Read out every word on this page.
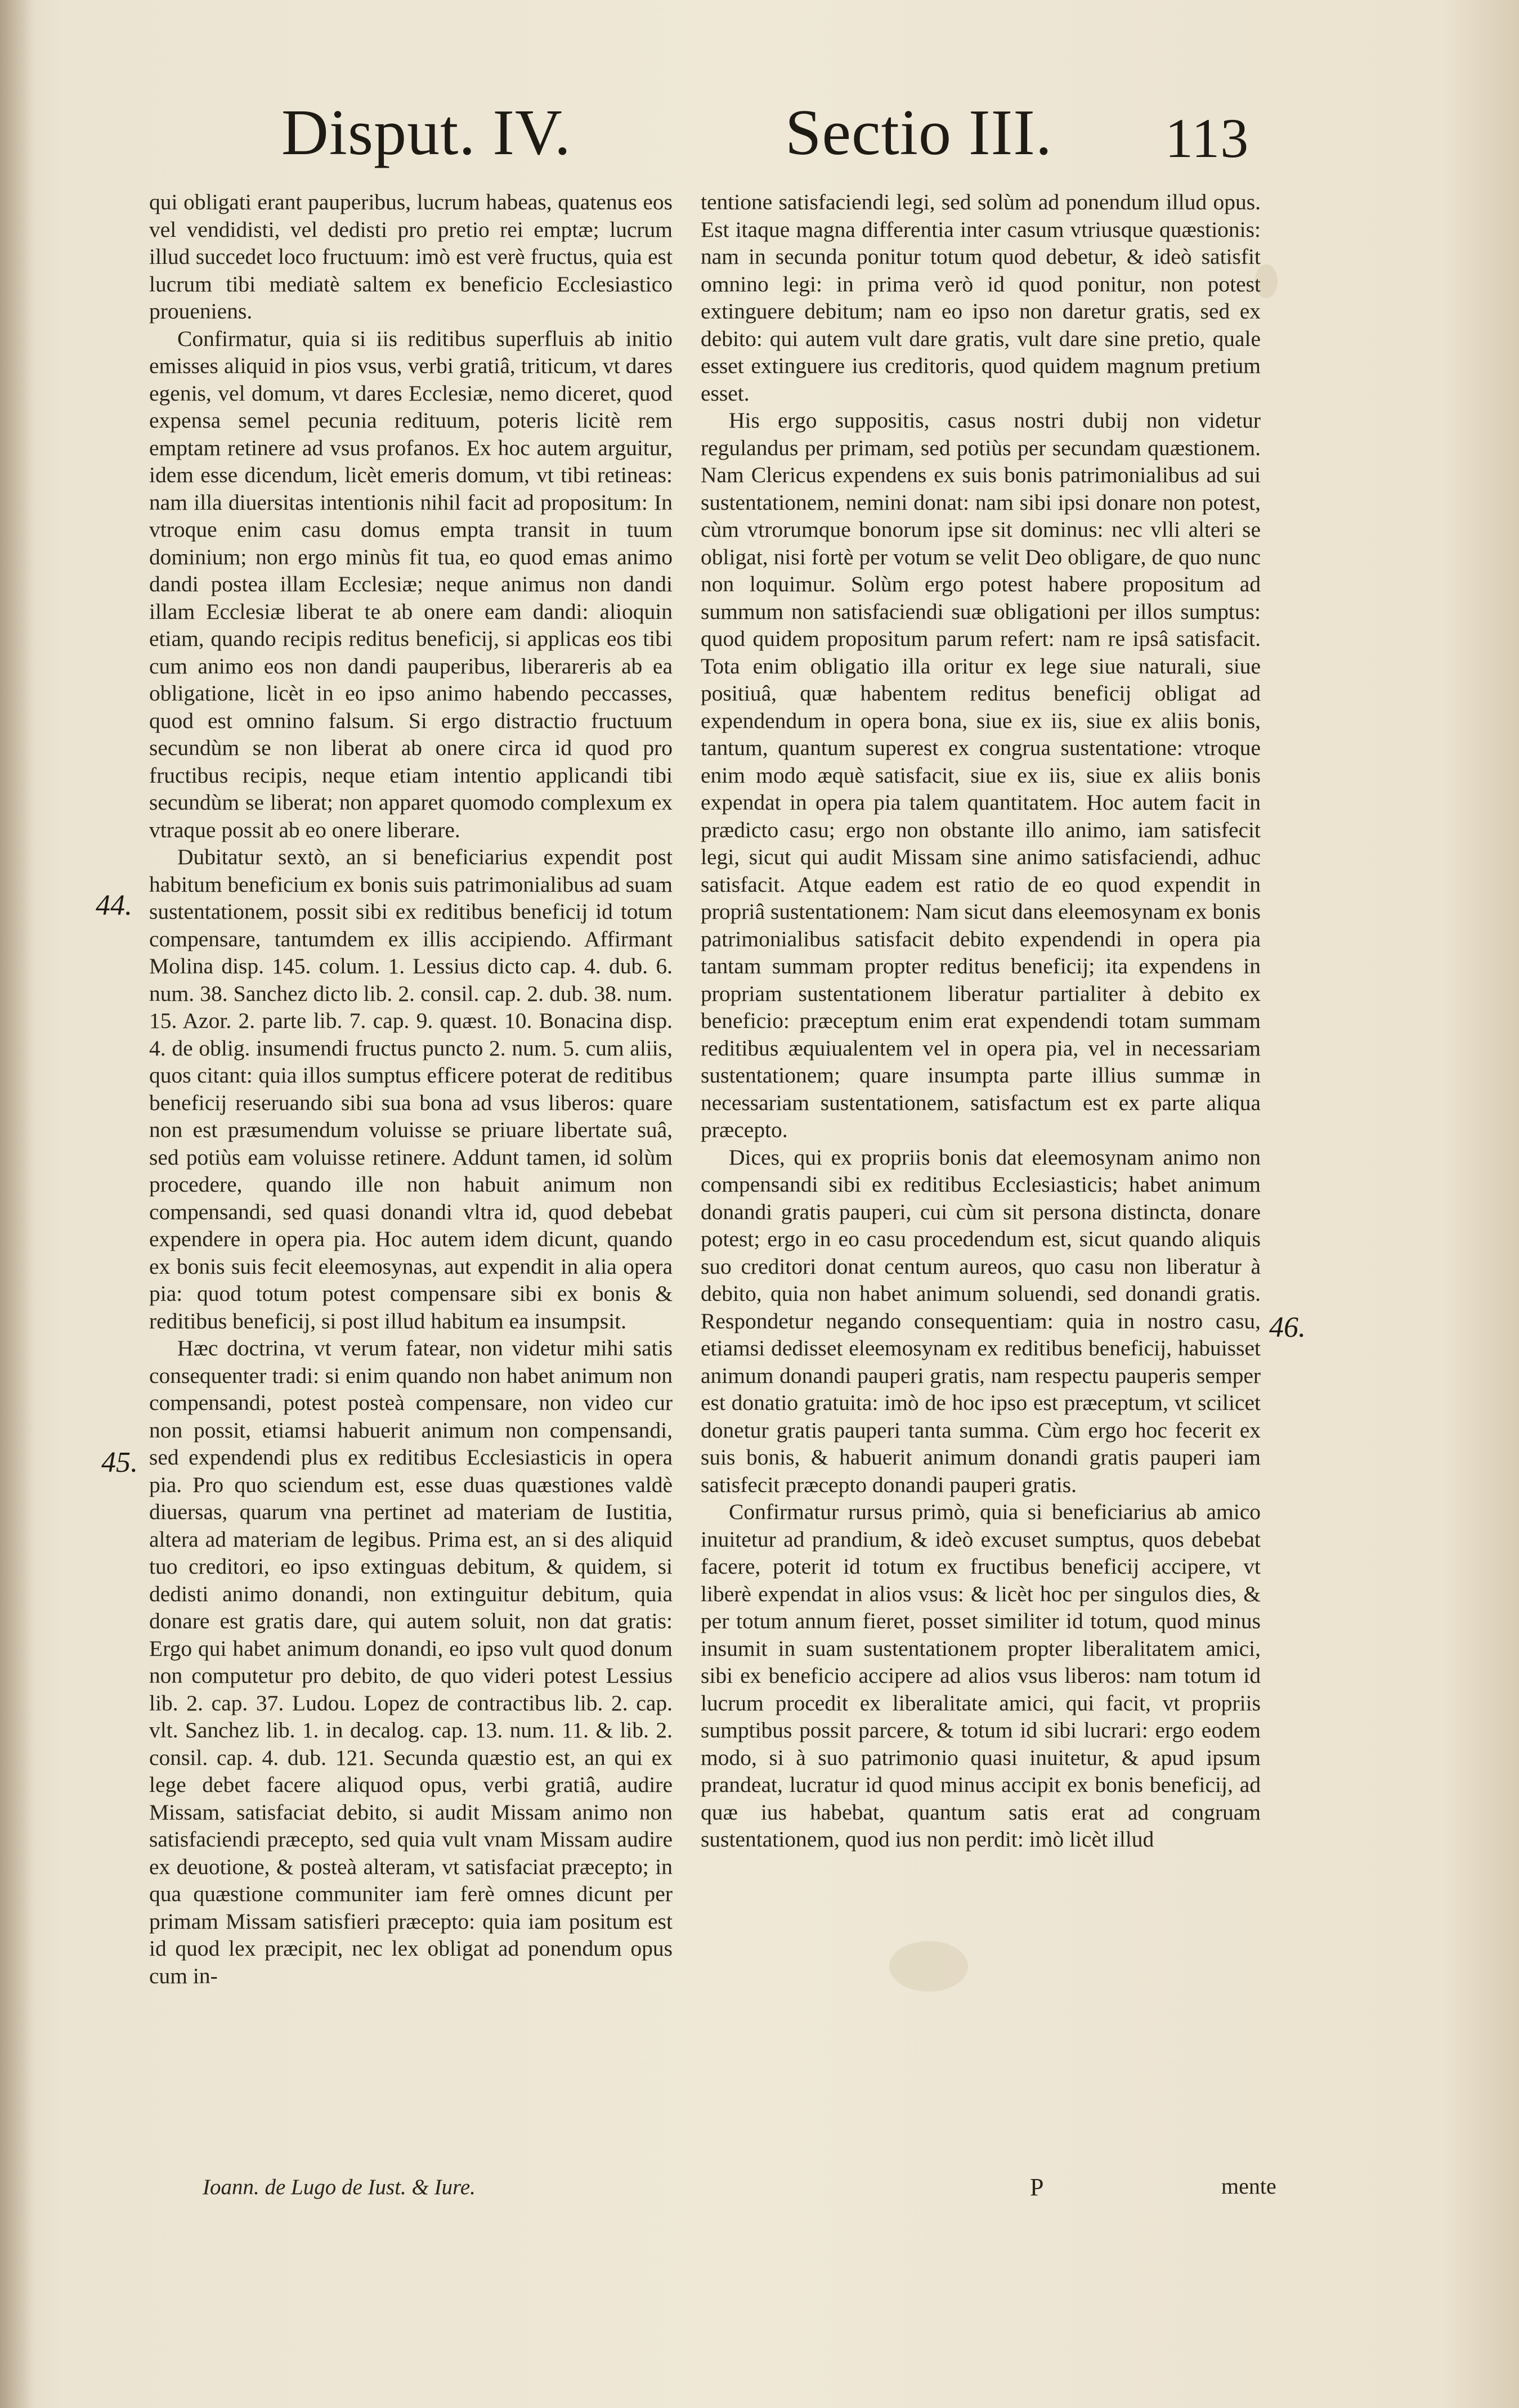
Disput. IV.	Sectio III. 113

qui obligati erant pauperibus, lucrum habeas, quatenus eos vel vendidisti, vel dedisti pro pretio rei emptæ; lucrum illud succedet loco fructuum: imò est verè fructus, quia est lucrum tibi mediatè saltem ex beneficio Ecclesiastico proueniens.

Confirmatur, quia si iis reditibus superfluis ab initio emisses aliquid in pios vsus, verbi gratiâ, triticum, vt dares egenis, vel domum, vt dares Ecclesiæ, nemo diceret, quod expensa semel pecunia redituum, poteris licitè rem emptam retinere ad vsus profanos. Ex hoc autem arguitur, idem esse dicendum, licèt emeris domum, vt tibi retineas: nam illa diuersitas intentionis nihil facit ad propositum: In vtroque enim casu domus empta transit in tuum dominium; non ergo minùs fit tua, eo quod emas animo dandi postea illam Ecclesiæ; neque animus non dandi illam Ecclesiæ liberat te ab onere eam dandi: alioquin etiam, quando recipis reditus beneficij, si applicas eos tibi cum animo eos non dandi pauperibus, liberareris ab ea obligatione, licèt in eo ipso animo habendo peccasses, quod est omnino falsum. Si ergo distractio fructuum secundùm se non liberat ab onere circa id quod pro fructibus recipis, neque etiam intentio applicandi tibi secundùm se liberat; non apparet quomodo complexum ex vtraque possit ab eo onere liberare.

Dubitatur sextò, an si beneficiarius expendit post habitum beneficium ex bonis suis patrimonialibus ad suam sustentationem, possit sibi ex reditibus beneficij id totum compensare, tantumdem ex illis accipiendo. Affirmant Molina disp. 145. colum. 1. Lessius dicto cap. 4. dub. 6. num. 38. Sanchez dicto lib. 2. consil. cap. 2. dub. 38. num. 15. Azor. 2. parte lib. 7. cap. 9. quæst. 10. Bonacina disp. 4. de oblig. insumendi fructus puncto 2. num. 5. cum aliis, quos citant: quia illos sumptus efficere poterat de reditibus beneficij reseruando sibi sua bona ad vsus liberos: quare non est præsumendum voluisse se priuare libertate suâ, sed potiùs eam voluisse retinere. Addunt tamen, id solùm procedere, quando ille non habuit animum non compensandi, sed quasi donandi vltra id, quod debebat expendere in opera pia. Hoc autem idem dicunt, quando ex bonis suis fecit eleemosynas, aut expendit in alia opera pia: quod totum potest compensare sibi ex bonis & reditibus beneficij, si post illud habitum ea insumpsit.

Hæc doctrina, vt verum fatear, non videtur mihi satis consequenter tradi: si enim quando non habet animum non compensandi, potest posteà compensare, non video cur non possit, etiamsi habuerit animum non compensandi, sed expendendi plus ex reditibus Ecclesiasticis in opera pia. Pro quo sciendum est, esse duas quæstiones valdè diuersas, quarum vna pertinet ad materiam de Iustitia, altera ad materiam de legibus. Prima est, an si des aliquid tuo creditori, eo ipso extinguas debitum, & quidem, si dedisti animo donandi, non extinguitur debitum, quia donare est gratis dare, qui autem soluit, non dat gratis: Ergo qui habet animum donandi, eo ipso vult quod donum non computetur pro debito, de quo videri potest Lessius lib. 2. cap. 37. Ludou. Lopez de contractibus lib. 2. cap. vlt. Sanchez lib. 1. in decalog. cap. 13. num. 11. & lib. 2. consil. cap. 4. dub. 121. Secunda quæstio est, an qui ex lege debet facere aliquod opus, verbi gratiâ, audire Missam, satisfaciat debito, si audit Missam animo non satisfaciendi præcepto, sed quia vult vnam Missam audire ex deuotione, & posteà alteram, vt satisfaciat præcepto; in qua quæstione communiter iam ferè omnes dicunt per primam Missam satisfieri præcepto: quia iam positum est id quod lex præcipit, nec lex obligat ad ponendum opus cum in-

tentione satisfaciendi legi, sed solùm ad ponendum illud opus. Est itaque magna differentia inter casum vtriusque quæstionis: nam in secunda ponitur totum quod debetur, & ideò satisfit omnino legi: in prima verò id quod ponitur, non potest extinguere debitum; nam eo ipso non daretur gratis, sed ex debito: qui autem vult dare gratis, vult dare sine pretio, quale esset extinguere ius creditoris, quod quidem magnum pretium esset.

His ergo suppositis, casus nostri dubij non videtur regulandus per primam, sed potiùs per secundam quæstionem. Nam Clericus expendens ex suis bonis patrimonialibus ad sui sustentationem, nemini donat: nam sibi ipsi donare non potest, cùm vtrorumque bonorum ipse sit dominus: nec vlli alteri se obligat, nisi fortè per votum se velit Deo obligare, de quo nunc non loquimur. Solùm ergo potest habere propositum ad summum non satisfaciendi suæ obligationi per illos sumptus: quod quidem propositum parum refert: nam re ipsâ satisfacit. Tota enim obligatio illa oritur ex lege siue naturali, siue positiuâ, quæ habentem reditus beneficij obligat ad expendendum in opera bona, siue ex iis, siue ex aliis bonis, tantum, quantum superest ex congrua sustentatione: vtroque enim modo æquè satisfacit, siue ex iis, siue ex aliis bonis expendat in opera pia talem quantitatem. Hoc autem facit in prædicto casu; ergo non obstante illo animo, iam satisfecit legi, sicut qui audit Missam sine animo satisfaciendi, adhuc satisfacit. Atque eadem est ratio de eo quod expendit in propriâ sustentationem: Nam sicut dans eleemosynam ex bonis patrimonialibus satisfacit debito expendendi in opera pia tantam summam propter reditus beneficij; ita expendens in propriam sustentationem liberatur partialiter à debito ex beneficio: præceptum enim erat expendendi totam summam reditibus æquiualentem vel in opera pia, vel in necessariam sustentationem; quare insumpta parte illius summæ in necessariam sustentationem, satisfactum est ex parte aliqua præcepto.

Dices, qui ex propriis bonis dat eleemosynam animo non compensandi sibi ex reditibus Ecclesiasticis; habet animum donandi gratis pauperi, cui cùm sit persona distincta, donare potest; ergo in eo casu procedendum est, sicut quando aliquis suo creditori donat centum aureos, quo casu non liberatur à debito, quia non habet animum soluendi, sed donandi gratis. Respondetur negando consequentiam: quia in nostro casu, etiamsi dedisset eleemosynam ex reditibus beneficij, habuisset animum donandi pauperi gratis, nam respectu pauperis semper est donatio gratuita: imò de hoc ipso est præceptum, vt scilicet donetur gratis pauperi tanta summa. Cùm ergo hoc fecerit ex suis bonis, & habuerit animum donandi gratis pauperi iam satisfecit præcepto donandi pauperi gratis.

Confirmatur rursus primò, quia si beneficiarius ab amico inuitetur ad prandium, & ideò excuset sumptus, quos debebat facere, poterit id totum ex fructibus beneficij accipere, vt liberè expendat in alios vsus: & licèt hoc per singulos dies, & per totum annum fieret, posset similiter id totum, quod minus insumit in suam sustentationem propter liberalitatem amici, sibi ex beneficio accipere ad alios vsus liberos: nam totum id lucrum procedit ex liberalitate amici, qui facit, vt propriis sumptibus possit parcere, & totum id sibi lucrari: ergo eodem modo, si à suo patrimonio quasi inuitetur, & apud ipsum prandeat, lucratur id quod minus accipit ex bonis beneficij, ad quæ ius habebat, quantum satis erat ad congruam sustentationem, quod ius non perdit: imò licèt illud

44.
45.
46.
Ioann. de Lugo de Iust. & Iure.	P	mente
